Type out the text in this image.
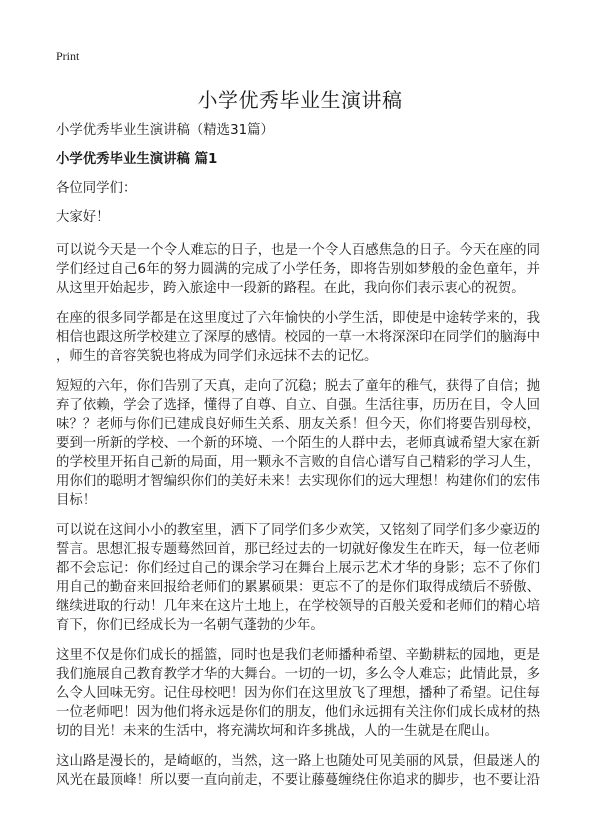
Print
小学优秀毕业生演讲稿
小学优秀毕业生演讲稿（精选31篇）
小学优秀毕业生演讲稿 篇1
各位同学们：
大家好！
可以说今天是一个令人难忘的日子，也是一个令人百感焦急的日子。今天在座的同
学们经过自己6年的努力圆满的完成了小学任务，即将告别如梦般的金色童年，并
从这里开始起步，跨入旅途中一段新的路程。在此，我向你们表示衷心的祝贺。
在座的很多同学都是在这里度过了六年愉快的小学生活，即使是中途转学来的，我
相信也跟这所学校建立了深厚的感情。校园的一草一木将深深印在同学们的脑海中
，师生的音容笑貌也将成为同学们永远抹不去的记忆。
短短的六年，你们告别了天真，走向了沉稳；脱去了童年的稚气，获得了自信；抛
弃了依赖，学会了选择，懂得了自尊、自立、自强。生活往事，历历在目，令人回
味？？老师与你们已建成良好师生关系、朋友关系！但今天，你们将要告别母校，
要到一所新的学校、一个新的环境、一个陌生的人群中去，老师真诚希望大家在新
的学校里开拓自己新的局面，用一颗永不言败的自信心谱写自己精彩的学习人生，
用你们的聪明才智编织你们的美好未来！去实现你们的远大理想！构建你们的宏伟
目标！
可以说在这间小小的教室里，洒下了同学们多少欢笑，又铭刻了同学们多少豪迈的
誓言。思想汇报专题蓦然回首，那已经过去的一切就好像发生在昨天，每一位老师
都不会忘记：你们经过自己的课余学习在舞台上展示艺术才华的身影；忘不了你们
用自己的勤奋来回报给老师们的累累硕果：更忘不了的是你们取得成绩后不骄傲、
继续进取的行动！几年来在这片土地上，在学校领导的百般关爱和老师们的精心培
育下，你们已经成长为一名朝气蓬勃的少年。
这里不仅是你们成长的摇篮，同时也是我们老师播种希望、辛勤耕耘的园地，更是
我们施展自己教育教学才华的大舞台。一切的一切，多么令人难忘；此情此景，多
么令人回味无穷。记住母校吧！因为你们在这里放飞了理想，播种了希望。记住每
一位老师吧！因为他们将永远是你们的朋友，他们永远拥有关注你们成长成材的热
切的目光！未来的生活中，将充满坎坷和许多挑战，人的一生就是在爬山。
这山路是漫长的，是崎岖的，当然，这一路上也随处可见美丽的风景，但最迷人的
风光在最顶峰！所以要一直向前走，不要让藤蔓缠绕住你追求的脚步，也不要让沿
